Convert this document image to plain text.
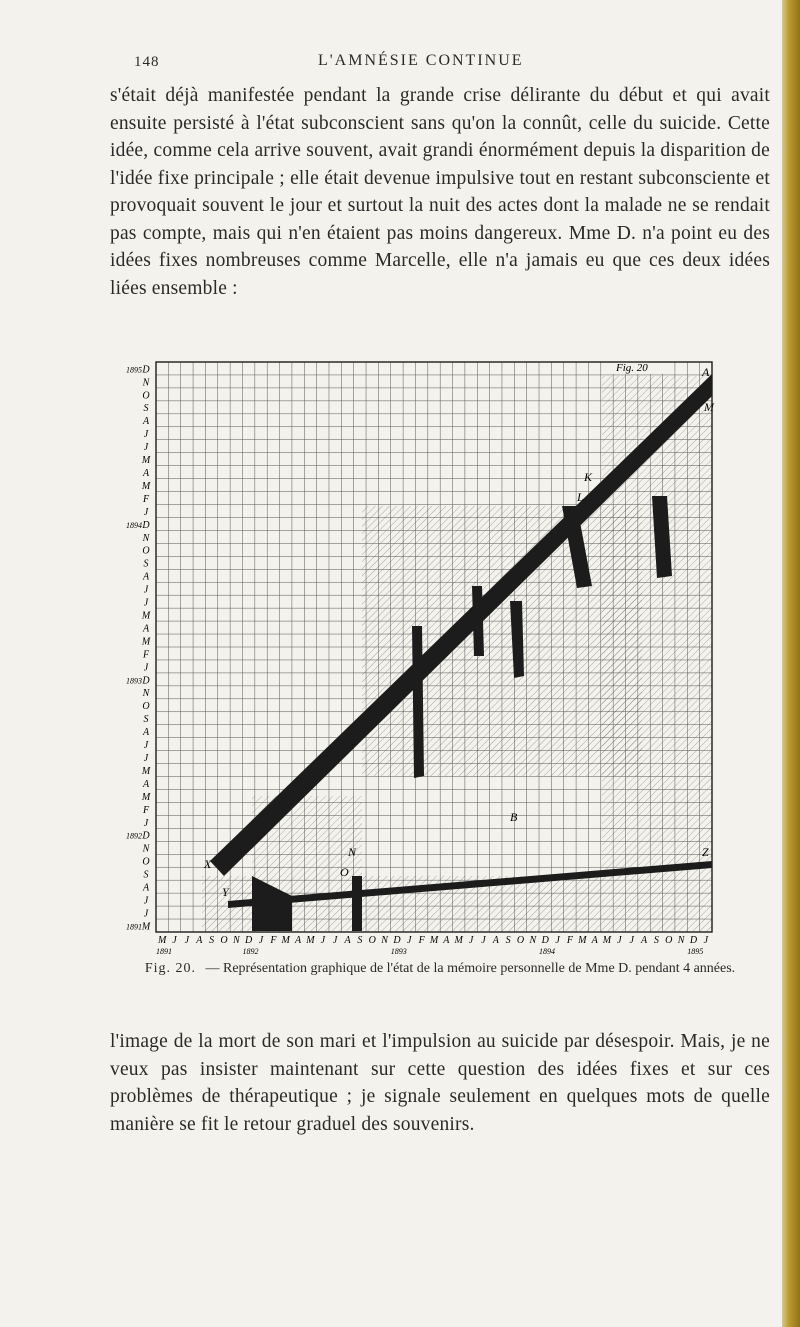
148	L'AMNÉSIE CONTINUE

s'était déjà manifestée pendant la grande crise délirante du début et qui avait ensuite persisté à l'état subconscient sans qu'on la connût, celle du suicide. Cette idée, comme cela arrive souvent, avait grandi énormément depuis la disparition de l'idée fixe principale ; elle était devenue impulsive tout en restant subconsciente et provoquait souvent le jour et surtout la nuit des actes dont la malade ne se rendait pas compte, mais qui n'en étaient pas moins dangereux. Mme D. n'a point eu des idées fixes nombreuses comme Marcelle, elle n'a jamais eu que ces deux idées liées ensemble :

D
N
O
S
A
J
J
M
A
M
F
J
D
N
O
S
A
J
J
M
A
M
F
J
D
N
O
S
A
J
J
M
A
M
F
J
D
N
O
S
A
J
J
M
1895
1894
1893
1892
1891
M J J A S O N D J F M A M J J A S O N D J F M A M J J A S O N D J F M A M J J A S O N D J
1891	1892	1893	1894	1895
A
M
K
L
B
Z
X
N
O
Y
Fig. 20

Fig. 20. — Représentation graphique de l'état de la mémoire personnelle de Mme D. pendant 4 années.

l'image de la mort de son mari et l'impulsion au suicide par désespoir. Mais, je ne veux pas insister maintenant sur cette question des idées fixes et sur ces problèmes de thérapeutique ; je signale seulement en quelques mots de quelle manière se fit le retour graduel des souvenirs.
